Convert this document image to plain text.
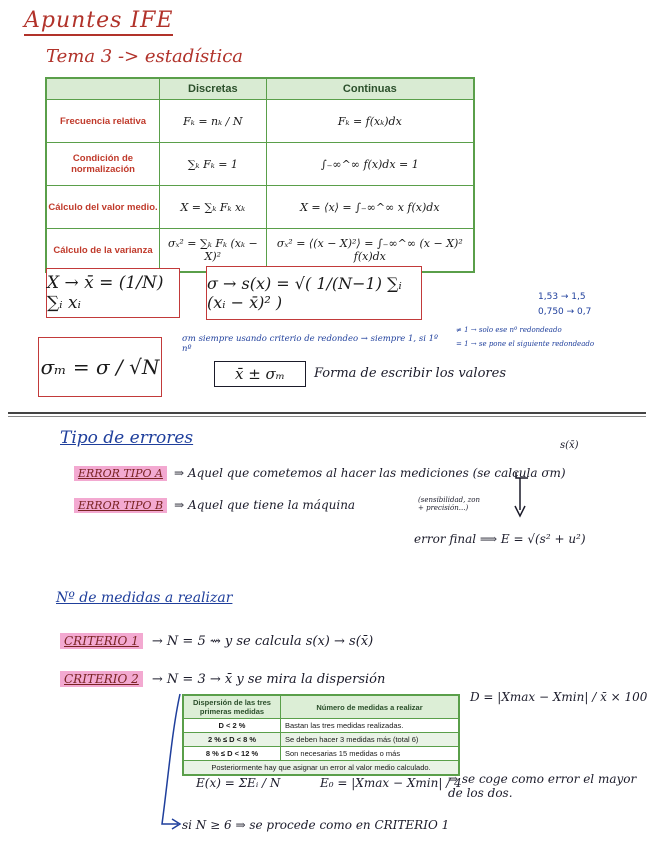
Apuntes IFE
Tema 3 -> estadística
	Discretas	Continuas
Frecuencia relativa	Fₖ = nₖ / N	Fₖ = f(xₖ)dx
Condición de normalización	∑ₖ Fₖ = 1	∫₋∞^∞ f(x)dx = 1
Cálculo del valor medio.	X = ∑ₖ Fₖ xₖ	X = ⟨x⟩ = ∫₋∞^∞ x f(x)dx
Cálculo de la varianza	σₓ² = ∑ₖ Fₖ (xₖ − X)²	σₓ² = ⟨(x − X)²⟩ = ∫₋∞^∞ (x − X)² f(x)dx
X → x̄ = (1/N) ∑ᵢ xᵢ
σ → s(x) = √( 1/(N−1) ∑ᵢ (xᵢ − x̄)² )	1,53 → 1,5
0,750 → 0,7
σm siempre usando criterio de redondeo → siempre 1, si 1º nº
≠ 1 → solo ese nº redondeado
= 1 → se pone el siguiente redondeado
σₘ = σ / √N	x̄ ± σₘ Forma de escribir los valores
Tipo de errores	s(x̄)
ERROR TIPO A ⇒ Aquel que cometemos al hacer las mediciones (se calcula σm)
ERROR TIPO B ⇒ Aquel que tiene la máquina	(sensibilidad, zon + precisión...)
error final ⟹ E = √(s² + u²)
Nº de medidas a realizar
CRITERIO 1 → N = 5 ⇝ y se calcula s(x) → s(x̄)
CRITERIO 2 → N = 3 → x̄ y se mira la dispersión
D = |Xmax − Xmin| / x̄ × 100
Dispersión de las tres primeras medidas	Número de medidas a realizar
D < 2 %	Bastan las tres medidas realizadas.
2 % ≤ D < 8 %	Se deben hacer 3 medidas más (total 6)
8 % ≤ D < 12 %	Son necesarias 15 medidas o más
Posteriormente hay que asignar un error al valor medio calculado.	
E(x) = ΣEᵢ / N	E₀ = |Xmax − Xmin| / 4
⇒ se coge como error el mayor de los dos.
si N ≥ 6 ⇒ se procede como en CRITERIO 1
